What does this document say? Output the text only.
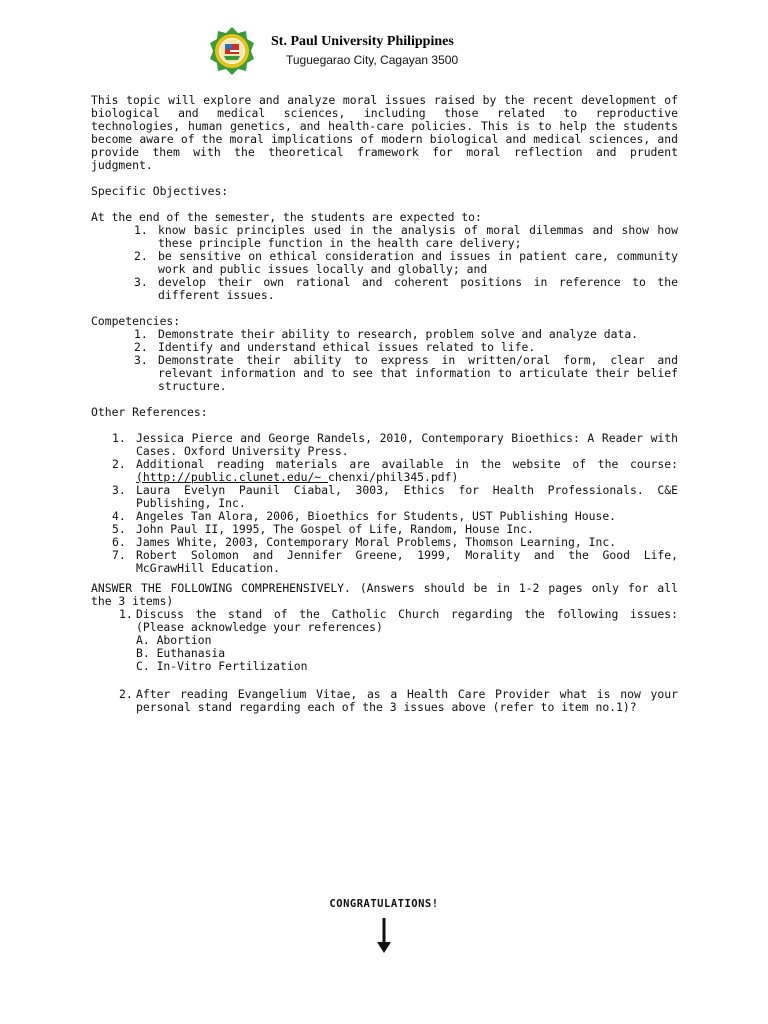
St. Paul University Philippines
Tuguegarao City, Cagayan 3500

This topic will explore and analyze moral issues raised by the recent development of biological and medical sciences, including those related to reproductive technologies, human genetics, and health-care policies. This is to help the students become aware of the moral implications of modern biological and medical sciences, and provide them with the theoretical framework for moral reflection and prudent judgment.

Specific Objectives:

At the end of the semester, the students are expected to:

1. know basic principles used in the analysis of moral dilemmas and show how these principle function in the health care delivery;
2. be sensitive on ethical consideration and issues in patient care, community work and public issues locally and globally; and
3. develop their own rational and coherent positions in reference to the different issues.

Competencies:

1. Demonstrate their ability to research, problem solve and analyze data.
2. Identify and understand ethical issues related to life.
3. Demonstrate their ability to express in written/oral form, clear and relevant information and to see that information to articulate their belief structure.

Other References:

1. Jessica Pierce and George Randels, 2010, Contemporary Bioethics: A Reader with Cases. Oxford University Press.
2. Additional reading materials are available in the website of the course: (http://public.clunet.edu/~ chenxi/phil345.pdf)
3. Laura Evelyn Paunil Ciabal, 3003, Ethics for Health Professionals. C&E Publishing, Inc.
4. Angeles Tan Alora, 2006, Bioethics for Students, UST Publishing House.
5. John Paul II, 1995, The Gospel of Life, Random, House Inc.
6. James White, 2003, Contemporary Moral Problems, Thomson Learning, Inc.
7. Robert Solomon and Jennifer Greene, 1999, Morality and the Good Life, McGrawHill Education.

ANSWER THE FOLLOWING COMPREHENSIVELY. (Answers should be in 1-2 pages only for all the 3 items)

1. Discuss the stand of the Catholic Church regarding the following issues: (Please acknowledge your references)
A. Abortion
B. Euthanasia
C. In-Vitro Fertilization
2. After reading Evangelium Vitae, as a Health Care Provider what is now your personal stand regarding each of the 3 issues above (refer to item no.1)?
CONGRATULATIONS!
